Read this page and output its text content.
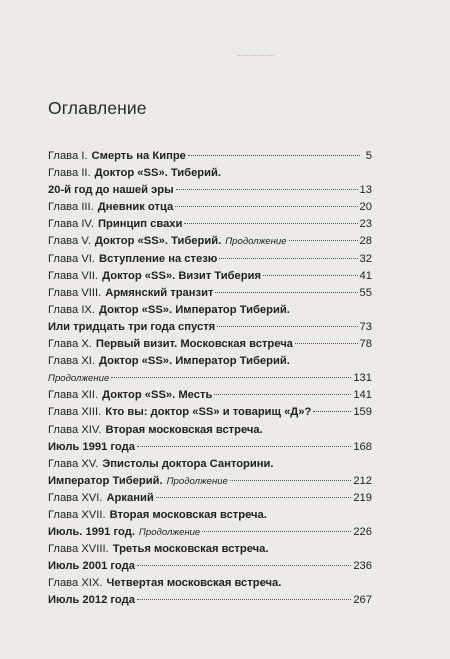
Оглавление
Глава I. Смерть на Кипре	5
Глава II. Доктор «SS». Тиберий.
20-й год до нашей эры	13
Глава III. Дневник отца	20
Глава IV. Принцип свахи	23
Глава V. Доктор «SS». Тиберий. Продолжение	28
Глава VI. Вступление на стезю	32
Глава VII. Доктор «SS». Визит Тиберия	41
Глава VIII. Армянский транзит	55
Глава IX. Доктор «SS». Император Тиберий.
Или тридцать три года спустя	73
Глава X. Первый визит. Московская встреча	78
Глава XI. Доктор «SS». Император Тиберий.
Продолжение	131
Глава XII. Доктор «SS». Месть	141
Глава XIII. Кто вы: доктор «SS» и товарищ «Д»?	159
Глава XIV. Вторая московская встреча.
Июль 1991 года	168
Глава XV. Эпистолы доктора Санторини.
Император Тиберий. Продолжение	212
Глава XVI. Арканий	219
Глава XVII. Вторая московская встреча.
Июль. 1991 год. Продолжение	226
Глава XVIII. Третья московская встреча.
Июль 2001 года	236
Глава XIX. Четвертая московская встреча.
Июль 2012 года	267
